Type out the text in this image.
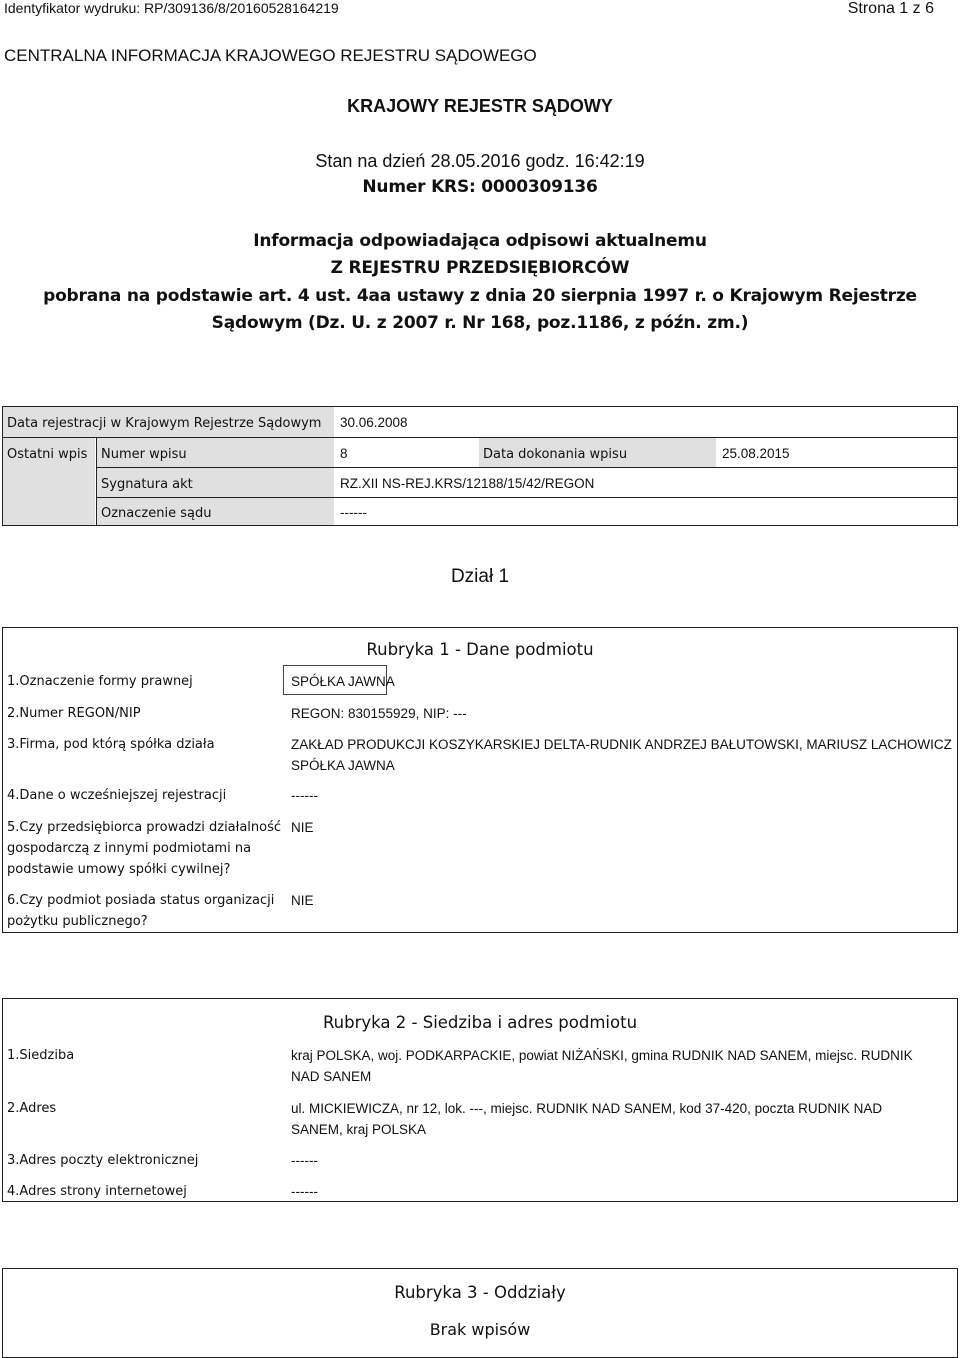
Identyfikator wydruku: RP/309136/8/20160528164219	Strona 1 z 6
CENTRALNA INFORMACJA KRAJOWEGO REJESTRU SĄDOWEGO
KRAJOWY REJESTR SĄDOWY
Stan na dzień 28.05.2016 godz. 16:42:19
Numer KRS: 0000309136
Informacja odpowiadająca odpisowi aktualnemu
Z REJESTRU PRZEDSIĘBIORCÓW
pobrana na podstawie art. 4 ust. 4aa ustawy z dnia 20 sierpnia 1997 r. o Krajowym Rejestrze
Sądowym (Dz. U. z 2007 r. Nr 168, poz.1186, z późn. zm.)
Data rejestracji w Krajowym Rejestrze Sądowym	30.06.2008
Ostatni wpis	Numer wpisu	8	Data dokonania wpisu	25.08.2015
Sygnatura akt	RZ.XII NS-REJ.KRS/12188/15/42/REGON
Oznaczenie sądu	------
Dział 1
Rubryka 1 - Dane podmiotu
1.Oznaczenie formy prawnej	SPÓŁKA JAWNA
2.Numer REGON/NIP	REGON: 830155929, NIP: ---
3.Firma, pod którą spółka działa	ZAKŁAD PRODUKCJI KOSZYKARSKIEJ DELTA-RUDNIK ANDRZEJ BAŁUTOWSKI, MARIUSZ LACHOWICZ
SPÓŁKA JAWNA
4.Dane o wcześniejszej rejestracji	------
5.Czy przedsiębiorca prowadzi działalność
gospodarczą z innymi podmiotami na
podstawie umowy spółki cywilnej?
NIE
6.Czy podmiot posiada status organizacji
pożytku publicznego?
NIE
Rubryka 2 - Siedziba i adres podmiotu
1.Siedziba	kraj POLSKA, woj. PODKARPACKIE, powiat NIŻAŃSKI, gmina RUDNIK NAD SANEM, miejsc. RUDNIK
NAD SANEM
2.Adres	ul. MICKIEWICZA, nr 12, lok. ---, miejsc. RUDNIK NAD SANEM, kod 37-420, poczta RUDNIK NAD
SANEM, kraj POLSKA
3.Adres poczty elektronicznej	------
4.Adres strony internetowej	------
Rubryka 3 - Oddziały
Brak wpisów
